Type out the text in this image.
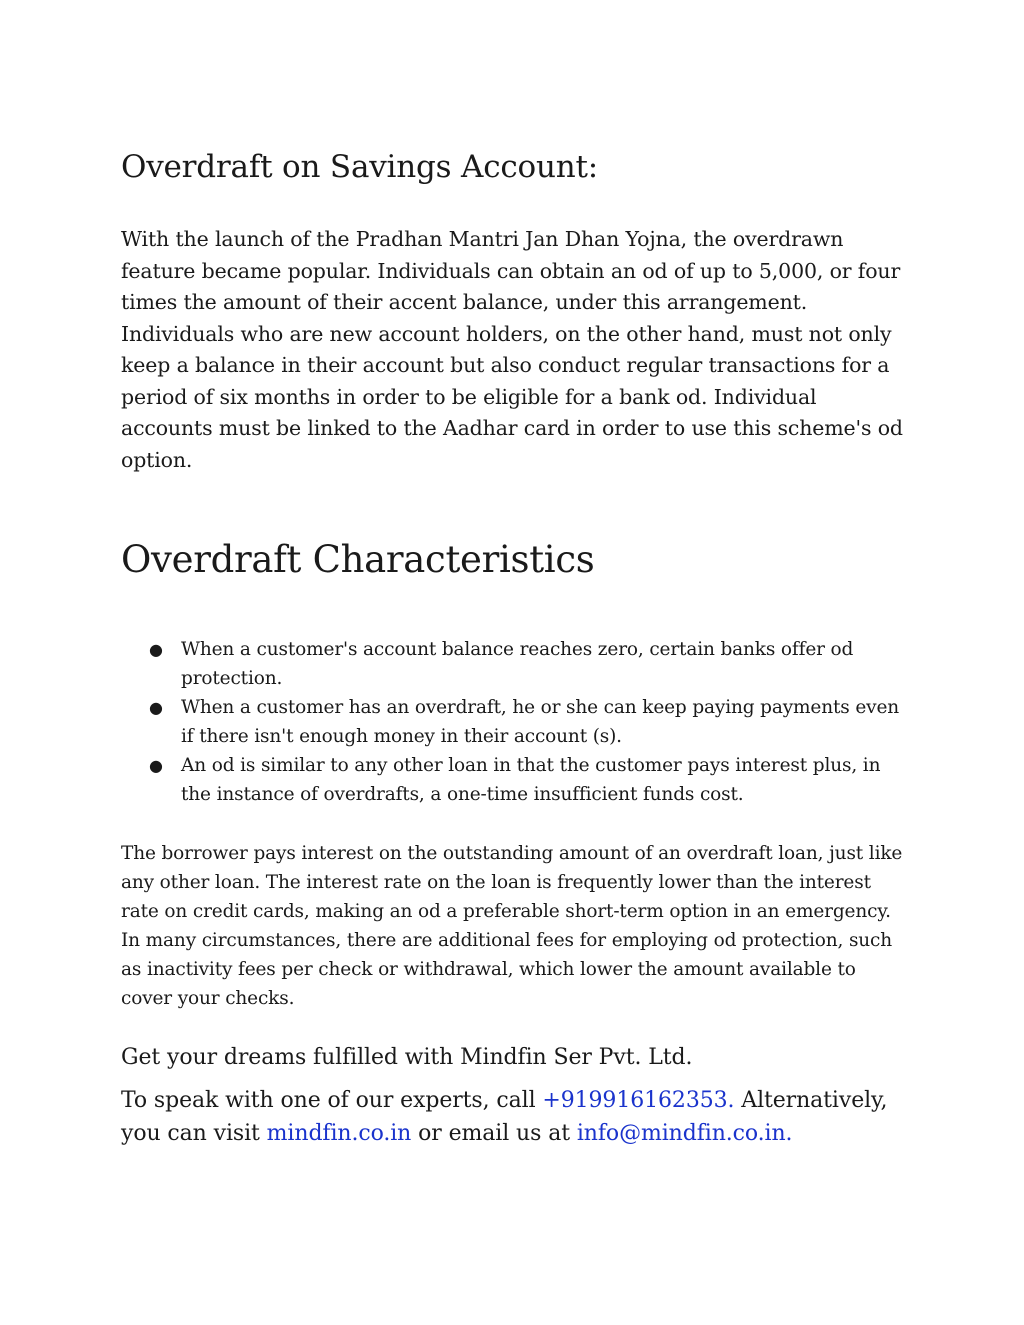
Overdraft on Savings Account:

With the launch of the Pradhan Mantri Jan Dhan Yojna, the overdrawn feature became popular. Individuals can obtain an od of up to 5,000, or four times the amount of their accent balance, under this arrangement. Individuals who are new account holders, on the other hand, must not only keep a balance in their account but also conduct regular transactions for a period of six months in order to be eligible for a bank od. Individual accounts must be linked to the Aadhar card in order to use this scheme's od option.

Overdraft Characteristics
● When a customer's account balance reaches zero, certain banks offer od protection.
● When a customer has an overdraft, he or she can keep paying payments even if there isn't enough money in their account (s).
● An od is similar to any other loan in that the customer pays interest plus, in the instance of overdrafts, a one-time insufficient funds cost.

The borrower pays interest on the outstanding amount of an overdraft loan, just like any other loan. The interest rate on the loan is frequently lower than the interest rate on credit cards, making an od a preferable short-term option in an emergency. In many circumstances, there are additional fees for employing od protection, such as inactivity fees per check or withdrawal, which lower the amount available to cover your checks.

Get your dreams fulfilled with Mindfin Ser Pvt. Ltd.

To speak with one of our experts, call +919916162353. Alternatively, you can visit mindfin.co.in or email us at info@mindfin.co.in.
